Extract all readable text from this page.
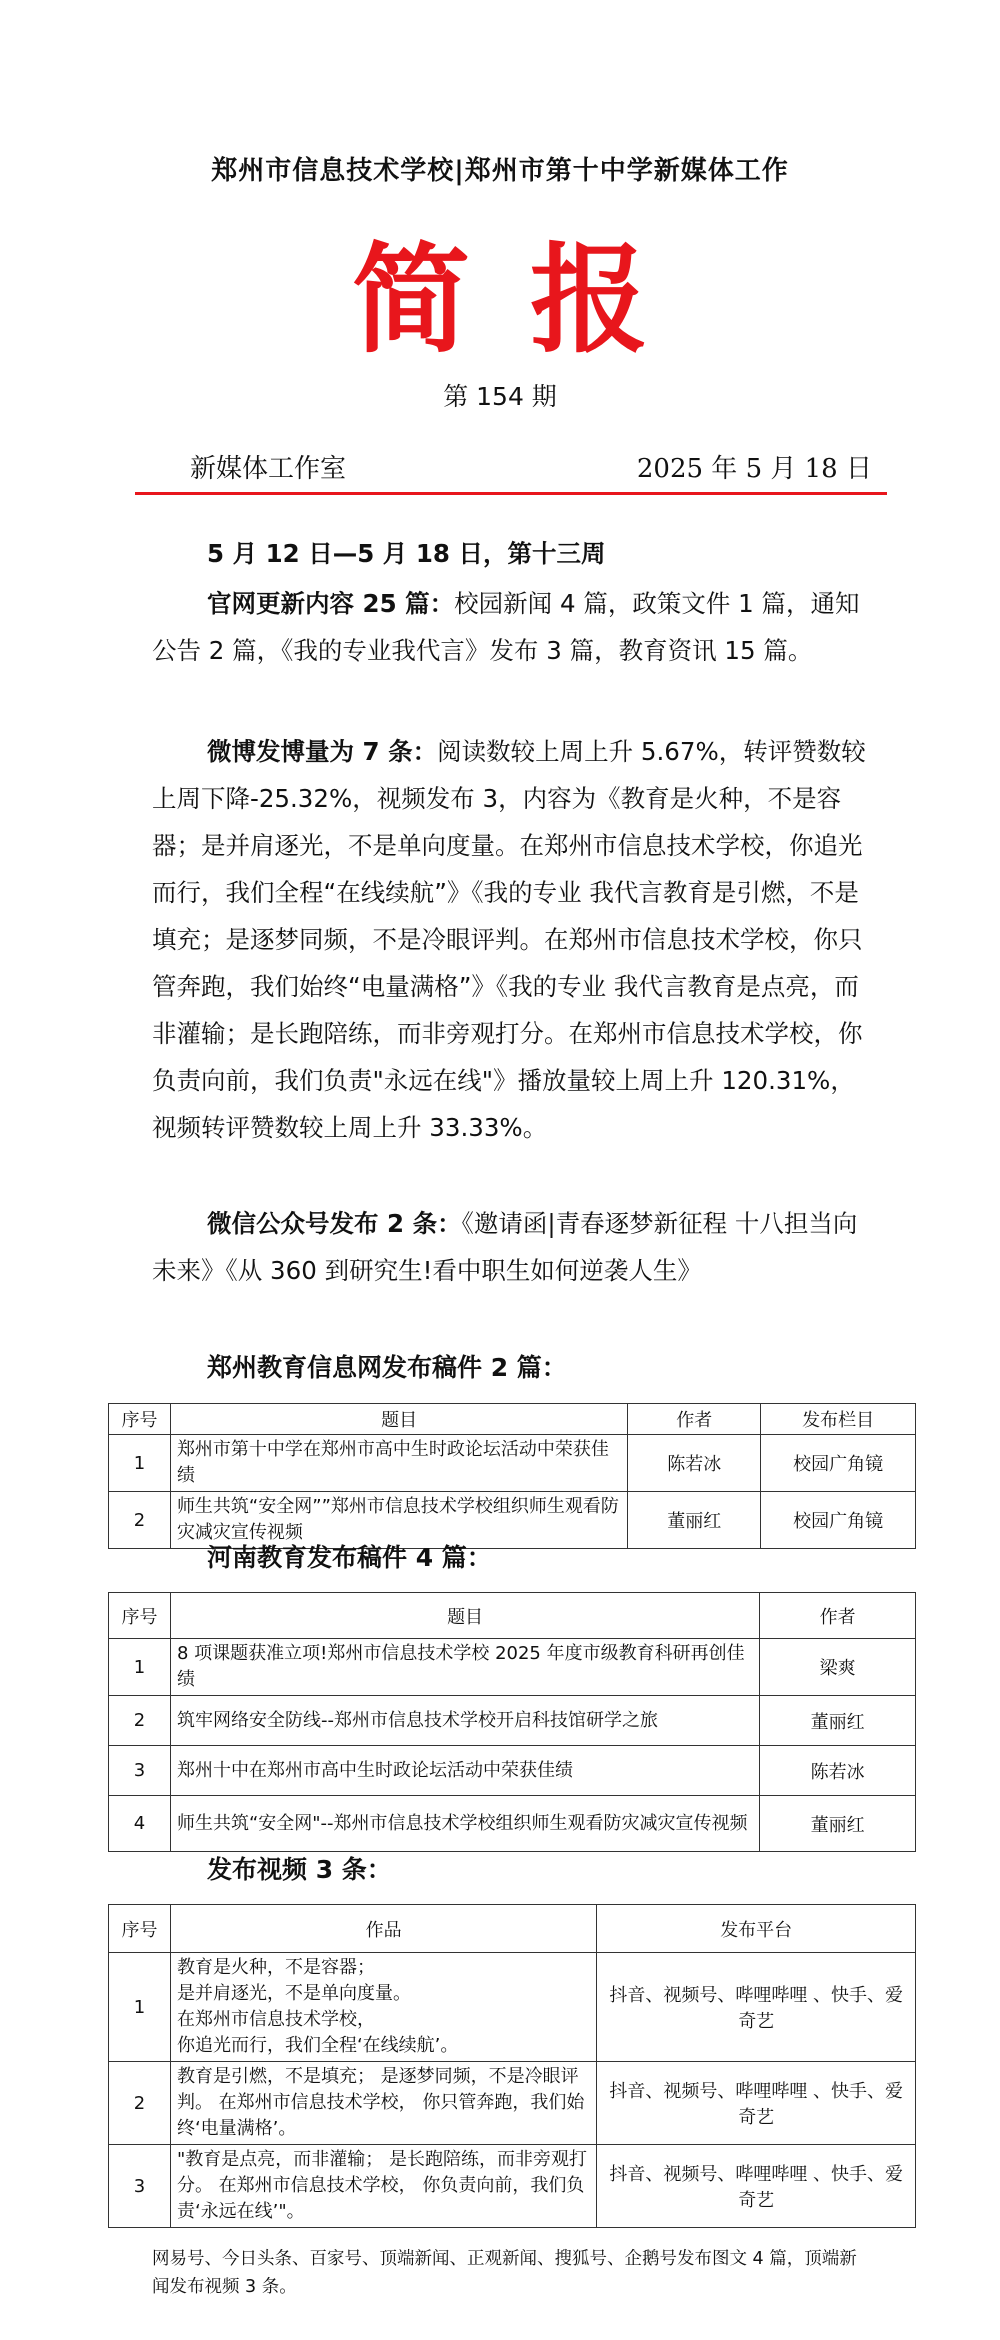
郑州市信息技术学校|郑州市第十中学新媒体工作
简报
第 154 期
新媒体工作室	2025 年 5 月 18 日
5 月 12 日—5 月 18 日，第十三周

官网更新内容 25 篇：校园新闻 4 篇，政策文件 1 篇，通知公告 2 篇，《我的专业我代言》发布 3 篇，教育资讯 15 篇。

微博发博量为 7 条：阅读数较上周上升 5.67%，转评赞数较上周下降-25.32%，视频发布 3，内容为《教育是火种，不是容器；是并肩逐光，不是单向度量。在郑州市信息技术学校，你追光而行，我们全程“在线续航”》《我的专业 我代言教育是引燃，不是填充；是逐梦同频，不是冷眼评判。在郑州市信息技术学校，你只管奔跑，我们始终“电量满格”》《我的专业 我代言教育是点亮，而非灌输；是长跑陪练，而非旁观打分。在郑州市信息技术学校，你负责向前，我们负责"永远在线"》播放量较上周上升 120.31%，视频转评赞数较上周上升 33.33%。

微信公众号发布 2 条：《邀请函|青春逐梦新征程 十八担当向未来》《从 360 到研究生!看中职生如何逆袭人生》

郑州教育信息网发布稿件 2 篇：
序号	题目	作者	发布栏目
1	郑州市第十中学在郑州市高中生时政论坛活动中荣获佳绩	陈若冰	校园广角镜
2	师生共筑“安全网””郑州市信息技术学校组织师生观看防灾减灾宣传视频	董丽红	校园广角镜
河南教育发布稿件 4 篇：
序号	题目	作者
1	8 项课题获准立项!郑州市信息技术学校 2025 年度市级教育科研再创佳绩	梁爽
2	筑牢网络安全防线--郑州市信息技术学校开启科技馆研学之旅	董丽红
3	郑州十中在郑州市高中生时政论坛活动中荣获佳绩	陈若冰
4	师生共筑“安全网"--郑州市信息技术学校组织师生观看防灾减灾宣传视频	董丽红
发布视频 3 条：
序号	作品	发布平台
1	教育是火种，不是容器；
是并肩逐光，不是单向度量。
在郑州市信息技术学校，
你追光而行，我们全程‘在线续航’。	抖音、视频号、哔哩哔哩 、快手、爱奇艺
2	教育是引燃，不是填充； 是逐梦同频，不是冷眼评判。 在郑州市信息技术学校， 你只管奔跑，我们始终‘电量满格’。	抖音、视频号、哔哩哔哩 、快手、爱奇艺
3	"教育是点亮，而非灌输； 是长跑陪练，而非旁观打分。 在郑州市信息技术学校， 你负责向前，我们负责‘永远在线’"。	抖音、视频号、哔哩哔哩 、快手、爱奇艺
网易号、今日头条、百家号、顶端新闻、正观新闻、搜狐号、企鹅号发布图文 4 篇，顶端新闻发布视频 3 条。
